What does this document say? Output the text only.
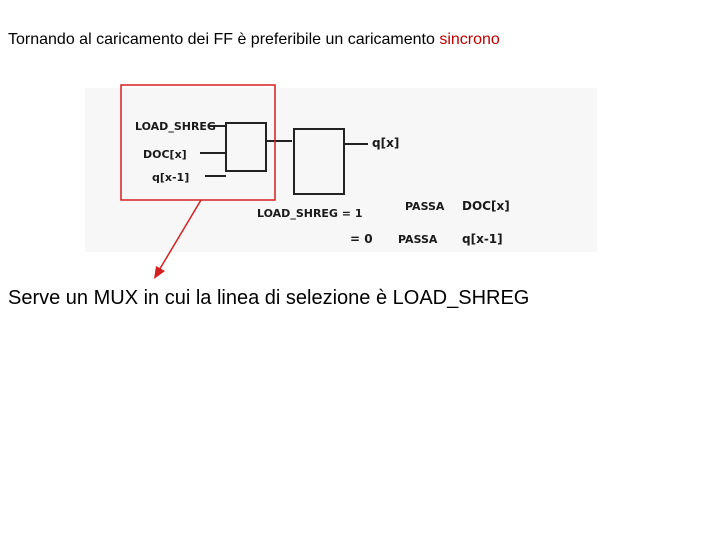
Tornando al caricamento dei FF è preferibile un caricamento sincrono
LOAD_SHREG
DOC[x]
q[x-1]
q[x]
LOAD_SHREG = 1
PASSA DOC[x]
= 0 PASSA q[x-1]
Serve un MUX in cui la linea di selezione è LOAD_SHREG
